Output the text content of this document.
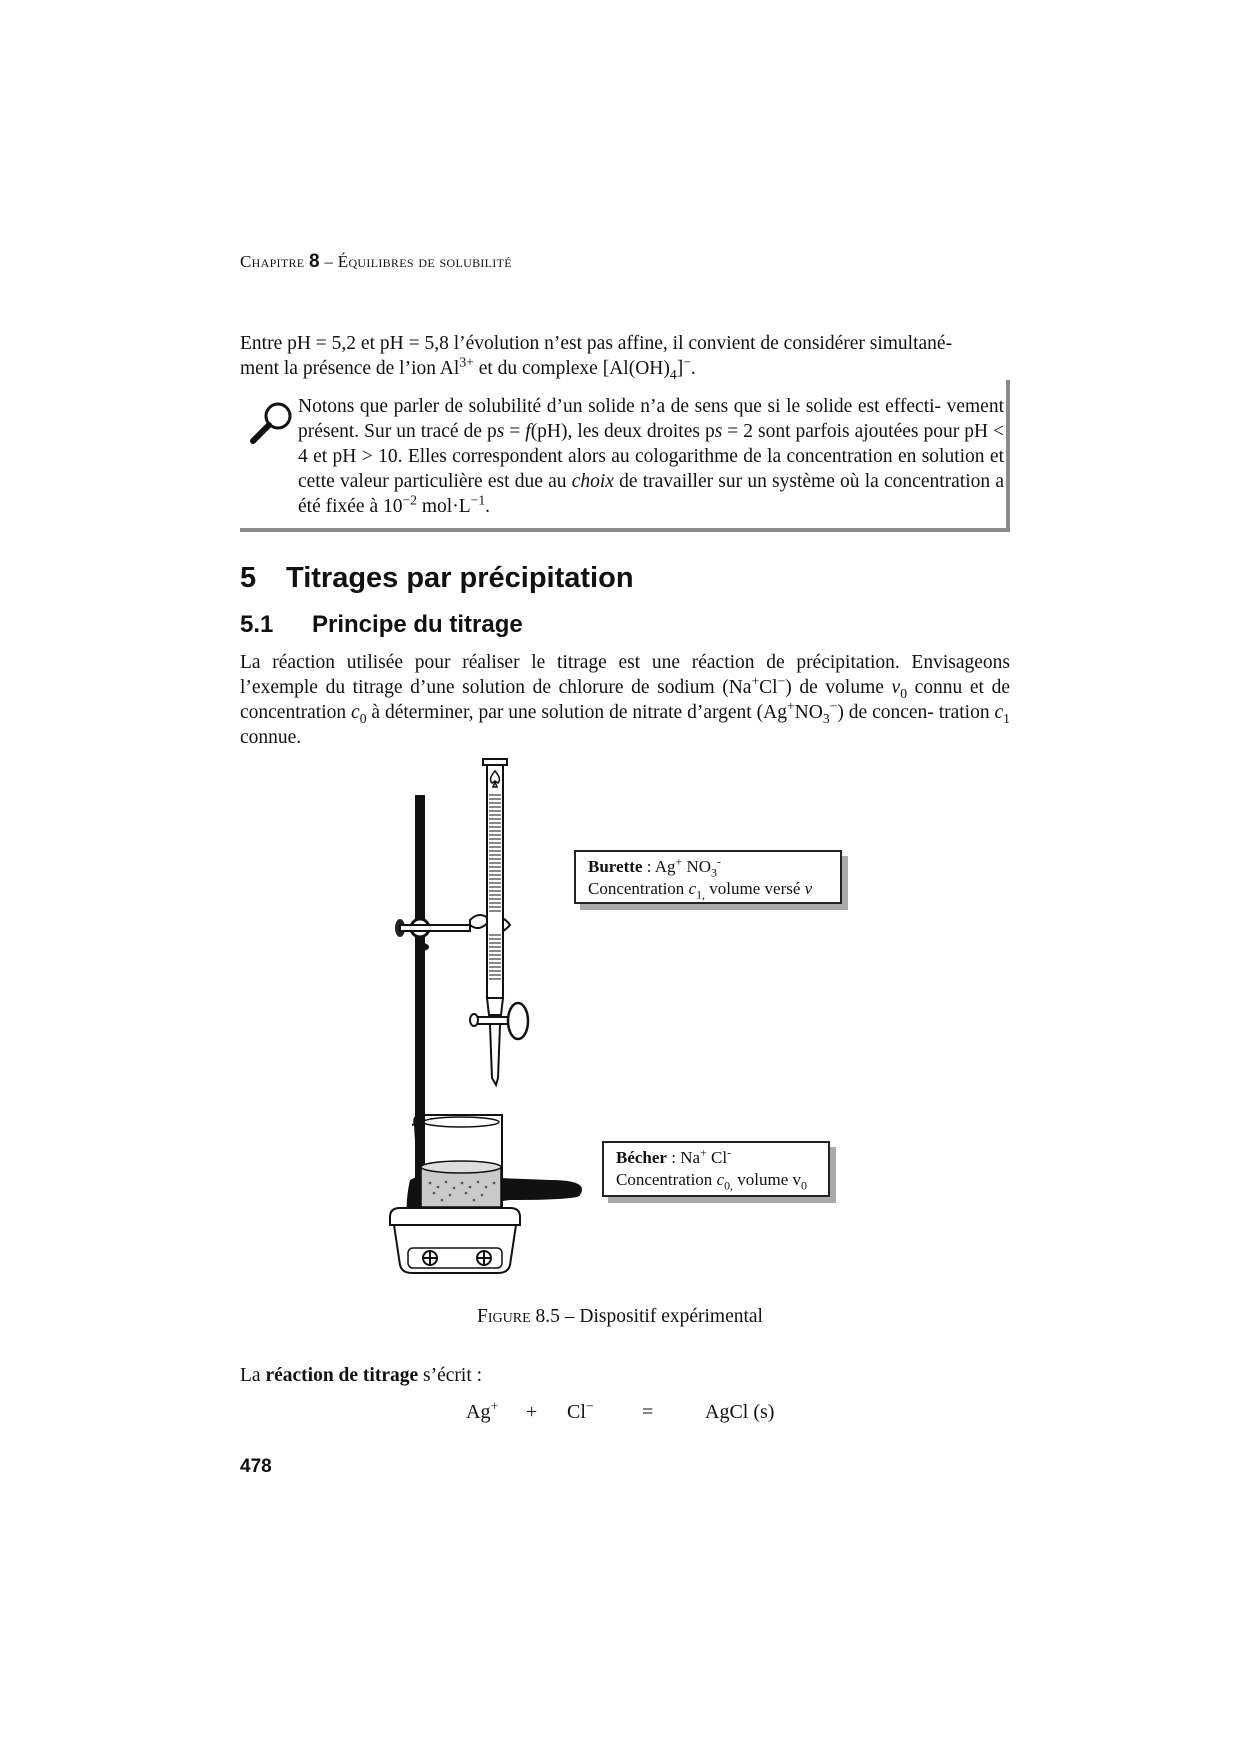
Chapitre 8 – Équilibres de solubilité
Entre pH = 5,2 et pH = 5,8 l’évolution n’est pas affine, il convient de considérer simultané-
ment la présence de l’ion $Al^{3+}$ et du complexe $[Al(OH)_4]^-$.
Notons que parler de solubilité d’un solide n’a de sens que si le solide est effecti- vement présent. Sur un tracé de ps = f(pH), les deux droites ps = 2 sont parfois ajoutées pour pH < 4 et pH > 10. Elles correspondent alors au cologarithme de la concentration en solution et cette valeur particulière est due au choix de travailler sur un système où la concentration a été fixée à $10^{-2}$ $mol\cdot L^{-1}$.
5 Titrages par précipitation
5.1 Principe du titrage
La réaction utilisée pour réaliser le titrage est une réaction de précipitation. Envisageons l’exemple du titrage d’une solution de chlorure de sodium (Na+Cl−) de volume $v_0$ connu et de concentration $c_0$ à déterminer, par une solution de nitrate d’argent $(Ag^+NO_3^-)$ de concen- tration $c_1$ connue.
Burette : Ag+ $NO_3^-$
Concentration $c_{1,}$ volume versé v
Bécher : Na+ Cl-
Concentration $c_{0,}$ volume $v_0$
Figure 8.5 – Dispositif expérimental
La réaction de titrage s’écrit :
Ag+ + Cl− =	AgCl (s)
478
